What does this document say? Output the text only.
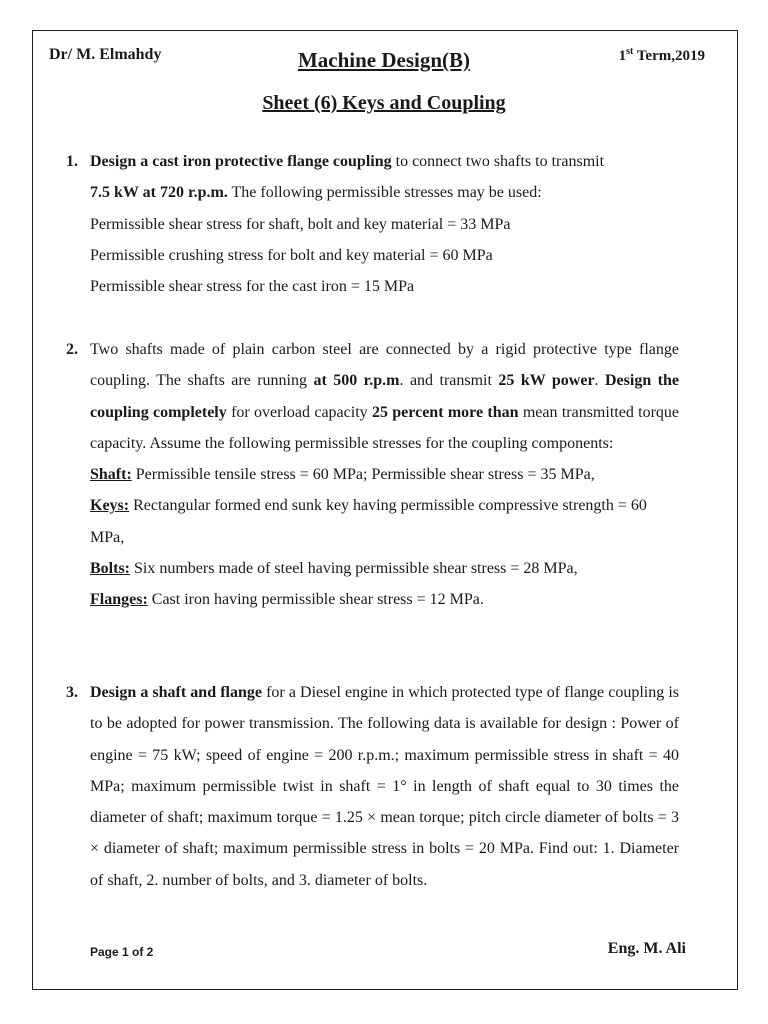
Dr/ M. Elmahdy	Machine Design(B)	1st Term,2019
Sheet (6) Keys and Coupling
1. Design a cast iron protective flange coupling to connect two shafts to transmit
7.5 kW at 720 r.p.m. The following permissible stresses may be used:
Permissible shear stress for shaft, bolt and key material = 33 MPa
Permissible crushing stress for bolt and key material = 60 MPa
Permissible shear stress for the cast iron = 15 MPa
2. Two shafts made of plain carbon steel are connected by a rigid protective type flange coupling. The shafts are running at 500 r.p.m. and transmit 25 kW power. Design the coupling completely for overload capacity 25 percent more than mean transmitted torque capacity. Assume the following permissible stresses for the coupling components:
Shaft: Permissible tensile stress = 60 MPa; Permissible shear stress = 35 MPa,
Keys: Rectangular formed end sunk key having permissible compressive strength = 60 MPa,
Bolts: Six numbers made of steel having permissible shear stress = 28 MPa,
Flanges: Cast iron having permissible shear stress = 12 MPa.
3. Design a shaft and flange for a Diesel engine in which protected type of flange coupling is to be adopted for power transmission. The following data is available for design : Power of engine = 75 kW; speed of engine = 200 r.p.m.; maximum permissible stress in shaft = 40 MPa; maximum permissible twist in shaft = 1° in length of shaft equal to 30 times the diameter of shaft; maximum torque = 1.25 × mean torque; pitch circle diameter of bolts = 3 × diameter of shaft; maximum permissible stress in bolts = 20 MPa. Find out: 1. Diameter of shaft, 2. number of bolts, and 3. diameter of bolts.
Page 1 of 2	Eng. M. Ali
